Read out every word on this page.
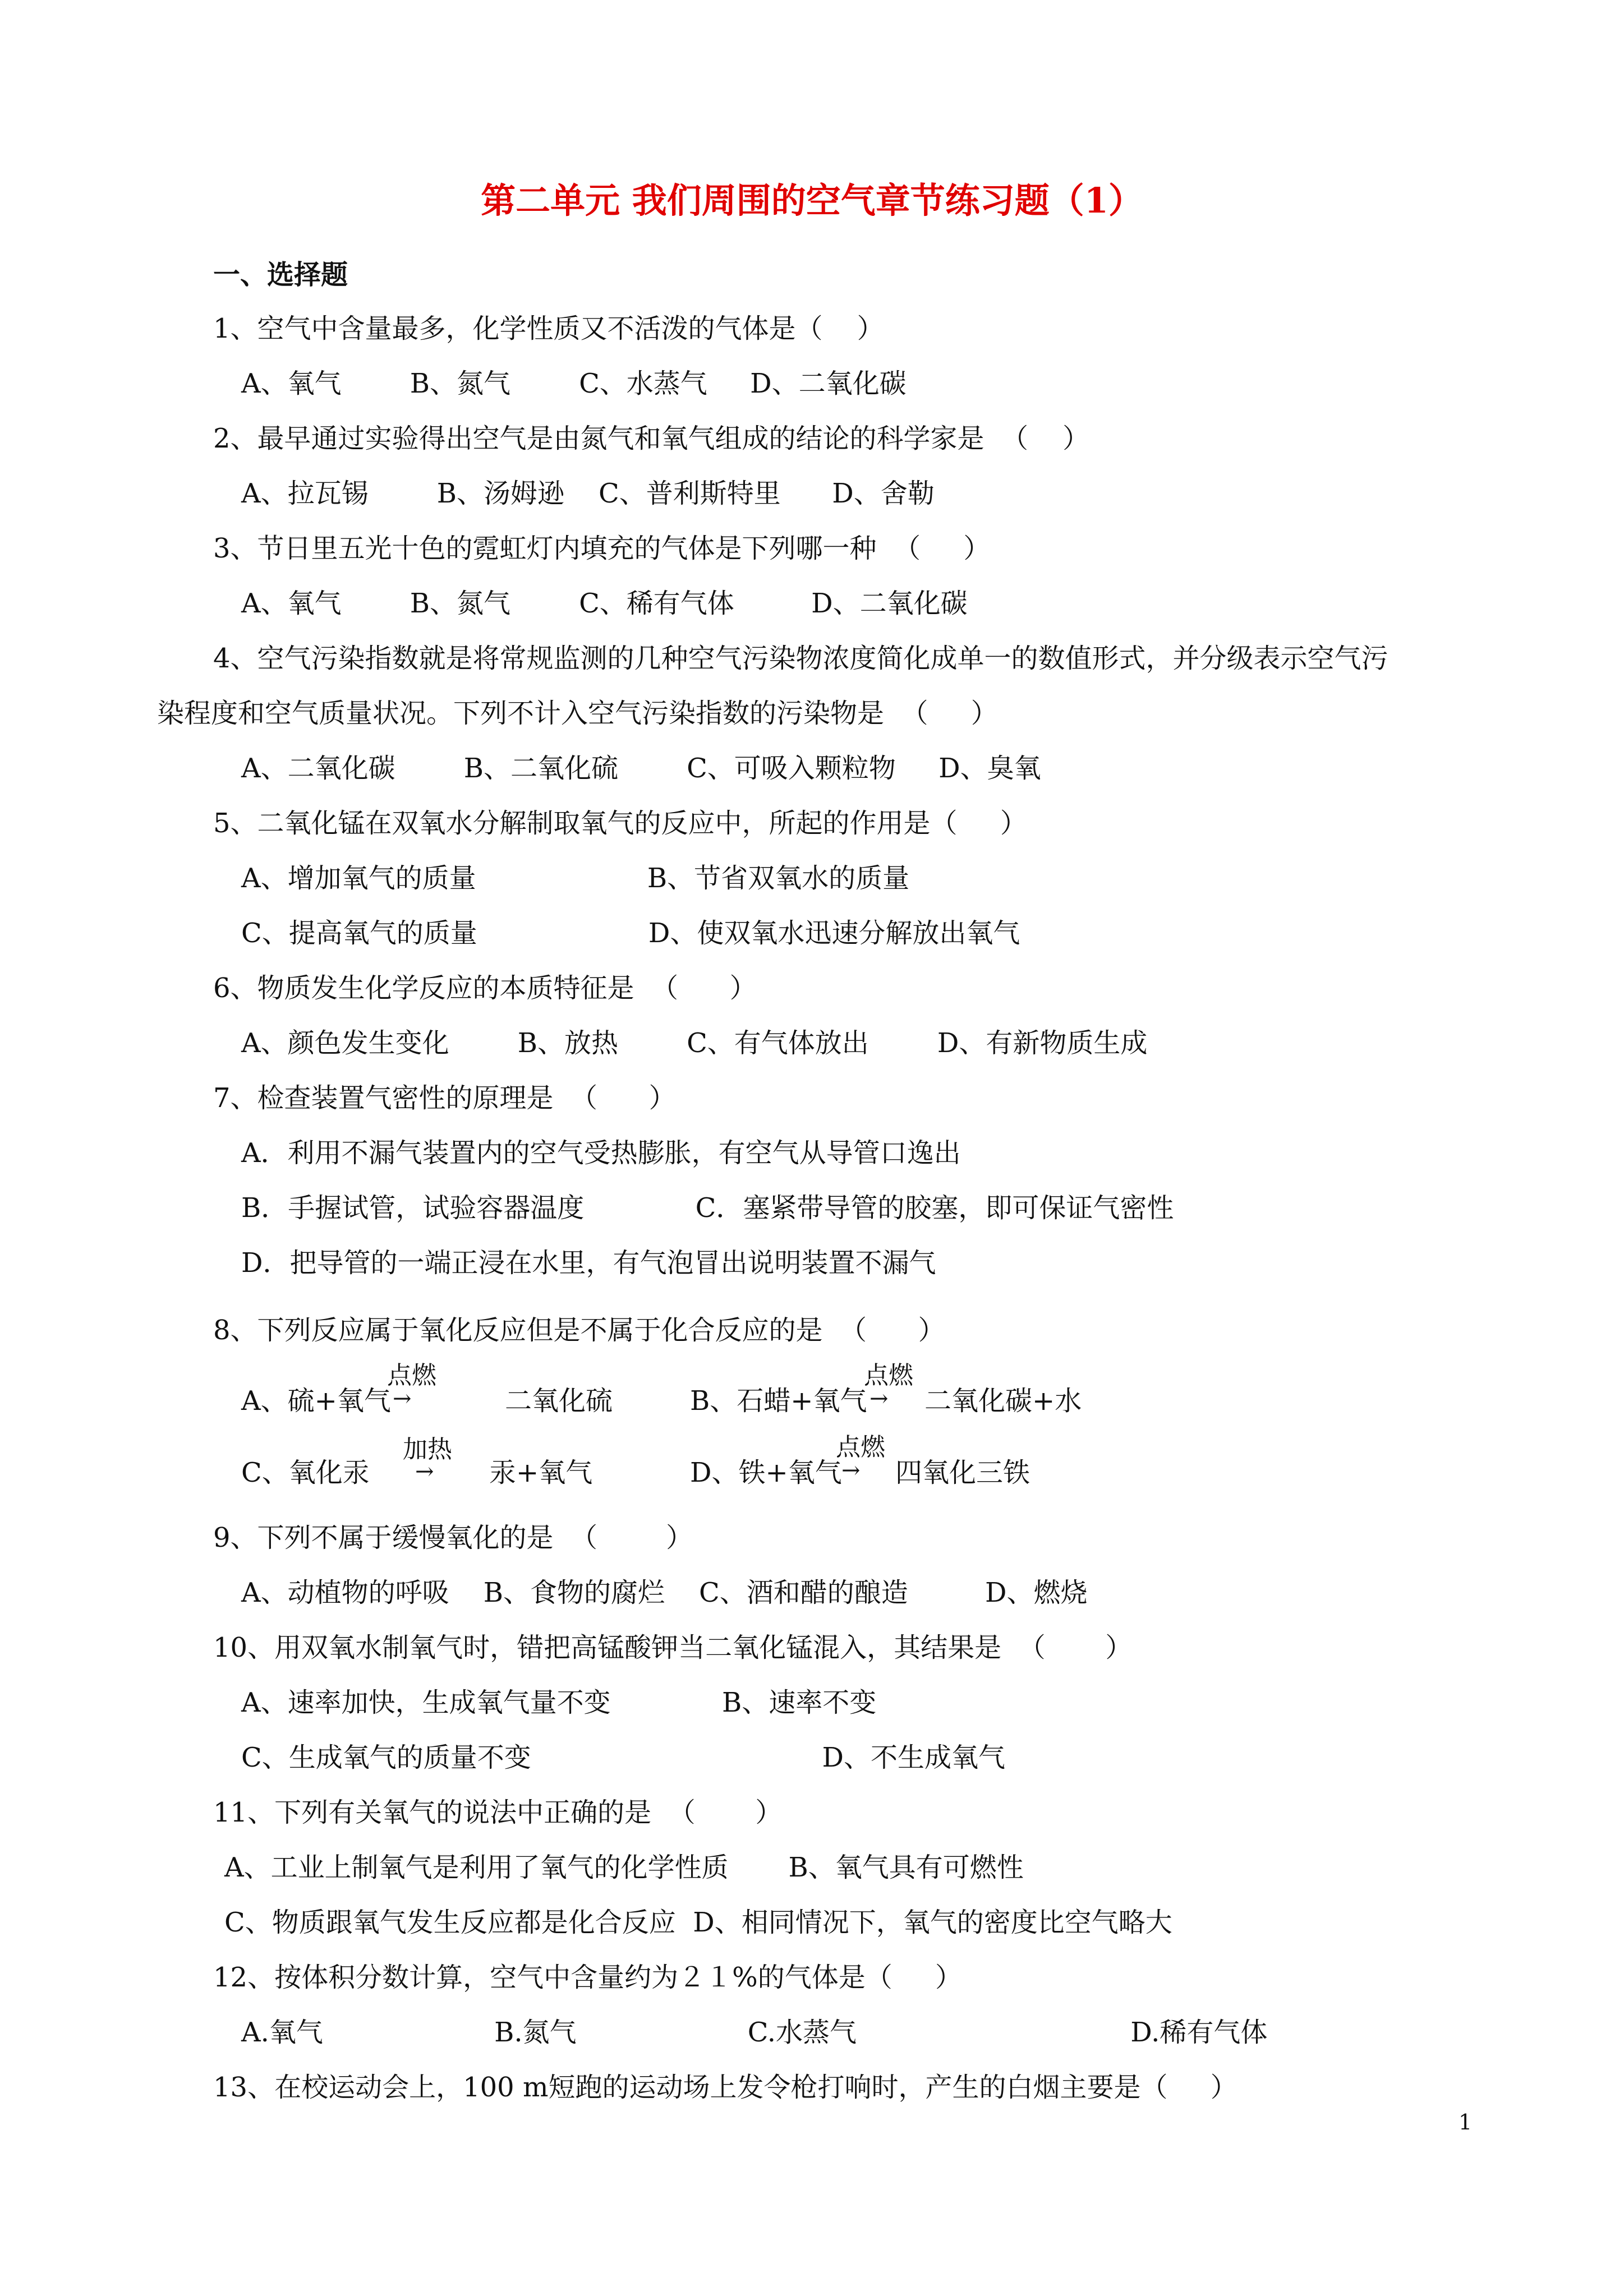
第二单元 我们周围的空气章节练习题（1）
一、选择题
1、空气中含量最多，化学性质又不活泼的气体是（    ）
A、氧气        B、氮气        C、水蒸气     D、二氧化碳
2、最早通过实验得出空气是由氮气和氧气组成的结论的科学家是  （    ）
A、拉瓦锡        B、汤姆逊    C、普利斯特里      D、舍勒
3、节日里五光十色的霓虹灯内填充的气体是下列哪一种  （     ）
A、氧气        B、氮气        C、稀有气体         D、二氧化碳
4、空气污染指数就是将常规监测的几种空气污染物浓度简化成单一的数值形式，并分级表示空气污
染程度和空气质量状况。下列不计入空气污染指数的污染物是  （     ）
A、二氧化碳        B、二氧化硫        C、可吸入颗粒物     D、臭氧
5、二氧化锰在双氧水分解制取氧气的反应中，所起的作用是（     ）
A、增加氧气的质量                    B、节省双氧水的质量
C、提高氧气的质量                    D、使双氧水迅速分解放出氧气
6、物质发生化学反应的本质特征是  （      ）
A、颜色发生变化        B、放热        C、有气体放出        D、有新物质生成
7、检查装置气密性的原理是  （      ）
A．利用不漏气装置内的空气受热膨胀，有空气从导管口逸出
B．手握试管，试验容器温度             C．塞紧带导管的胶塞，即可保证气密性
D．把导管的一端正浸在水里，有气泡冒出说明装置不漏气
8、下列反应属于氧化反应但是不属于化合反应的是  （      ）
A、硫+氧气
点燃
→	二氧化硫	B、石蜡+氧气
点燃
→ 二氧化碳+水
C、氧化汞
加热
→ 汞+氧气	D、铁+氧气
点燃
→ 四氧化三铁
9、下列不属于缓慢氧化的是  （        ）
A、动植物的呼吸    B、食物的腐烂    C、酒和醋的酿造         D、燃烧
10、用双氧水制氧气时，错把高锰酸钾当二氧化锰混入，其结果是  （       ）
A、速率加快，生成氧气量不变             B、速率不变
C、生成氧气的质量不变                                  D、不生成氧气
11、下列有关氧气的说法中正确的是  （       ）
A、工业上制氧气是利用了氧气的化学性质       B、氧气具有可燃性
C、物质跟氧气发生反应都是化合反应  D、相同情况下，氧气的密度比空气略大
12、按体积分数计算，空气中含量约为２１%的气体是（     ）
A.氧气                    B.氮气                    C.水蒸气                                D.稀有气体
13、在校运动会上，100 m短跑的运动场上发令枪打响时，产生的白烟主要是（     ）
1
